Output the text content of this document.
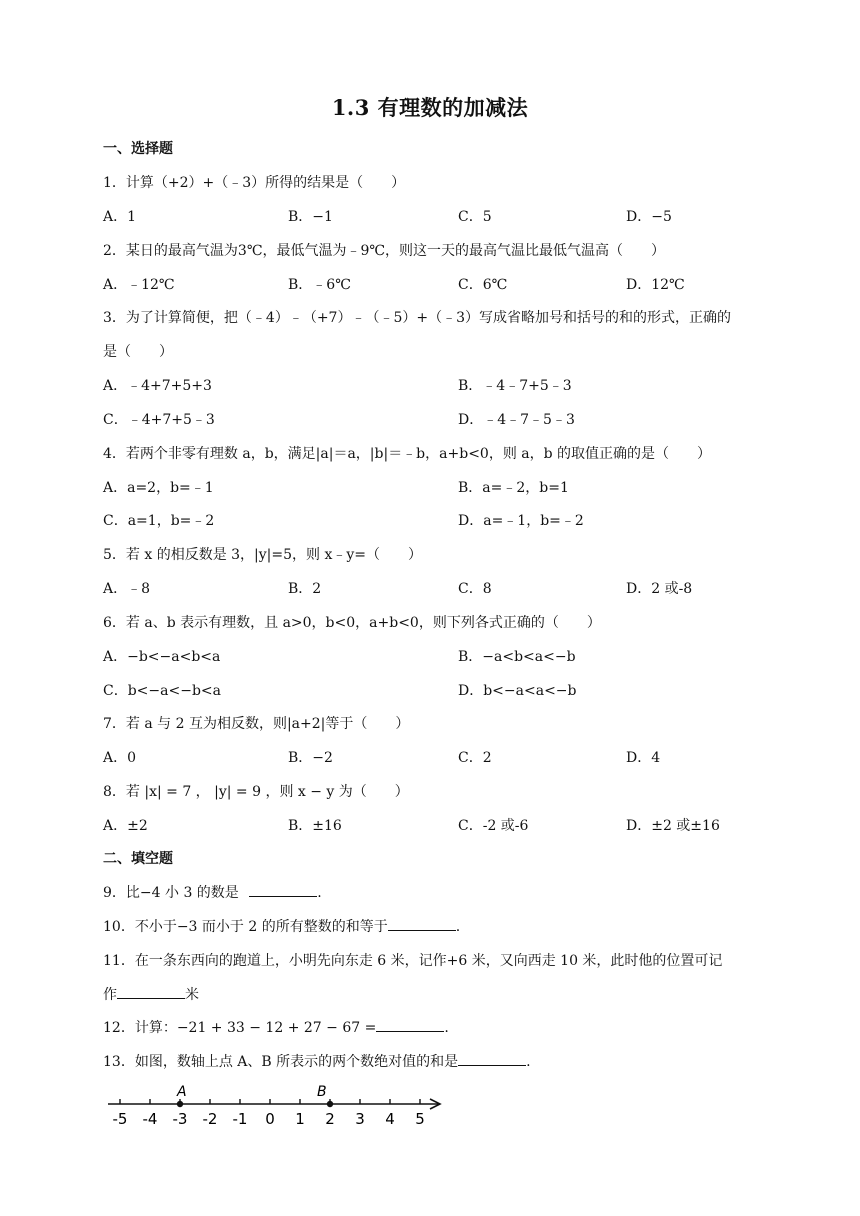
1.3 有理数的加减法
一、选择题
1．计算（+2）+（﹣3）所得的结果是（　　）
A．1	B．−1	C．5	D．−5
2．某日的最高气温为3℃，最低气温为﹣9℃，则这一天的最高气温比最低气温高（　　）
A．﹣12℃	B．﹣6℃	C．6℃	D．12℃
3．为了计算简便，把（﹣4）﹣（+7）﹣（﹣5）+（﹣3）写成省略加号和括号的和的形式，正确的
是（　　）
A．﹣4+7+5+3	B．﹣4﹣7+5﹣3
C．﹣4+7+5﹣3	D．﹣4﹣7﹣5﹣3
4．若两个非零有理数 a，b，满足|a|＝a，|b|＝﹣b，a+b<0，则 a，b 的取值正确的是（　　）
A．a=2，b=﹣1	B．a=﹣2，b=1
C．a=1，b=﹣2	D．a=﹣1，b=﹣2
5．若 x 的相反数是 3，|y|=5，则 x﹣y=（　　）
A．﹣8	B．2	C．8	D．2 或-8
6．若 a、b 表示有理数，且 a>0，b<0，a+b<0，则下列各式正确的（　　）
A．−b<−a<b<a	B．−a<b<a<−b
C．b<−a<−b<a	D．b<−a<a<−b
7．若 a 与 2 互为相反数，则|a+2|等于（　　）
A．0	B．−2	C．2	D．4
8．若 |x| = 7 ， |y| = 9 ，则 x − y 为（　　）
A．±2	B．±16	C．-2 或-6	D．±2 或±16
二、填空题
9．比−4 小 3 的数是	.
10．不小于−3 而小于 2 的所有整数的和等于	.
11．在一条东西向的跑道上，小明先向东走 6 米，记作+6 米，又向西走 10 米，此时他的位置可记
作	米
12．计算：−21 + 33 − 12 + 27 − 67 =	.
13．如图，数轴上点 A、B 所表示的两个数绝对值的和是	.
-5 -4 -3 -2 -1 0 1 2 3 4 5
A	B
